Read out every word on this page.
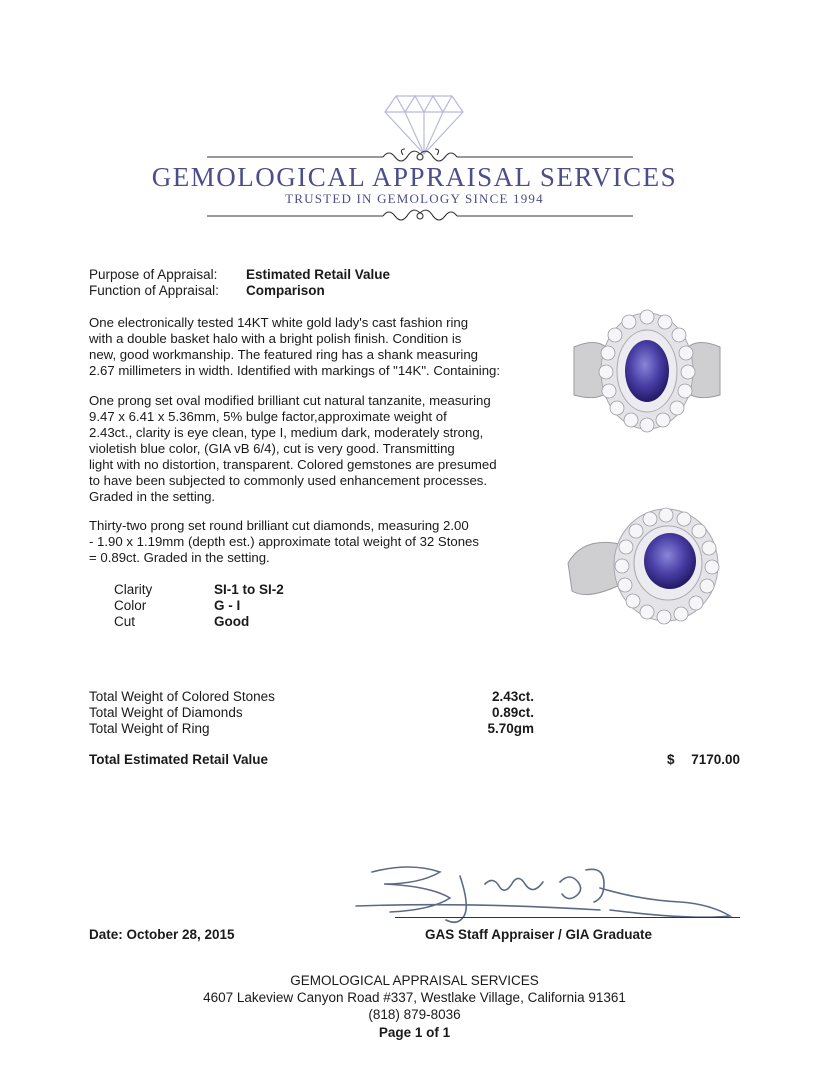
GEMOLOGICAL APPRAISAL SERVICES
TRUSTED IN GEMOLOGY SINCE 1994
Purpose of Appraisal: Estimated Retail Value
Function of Appraisal: Comparison
One electronically tested 14KT white gold lady's cast fashion ring
with a double basket halo with a bright polish finish. Condition is
new, good workmanship. The featured ring has a shank measuring
2.67 millimeters in width. Identified with markings of "14K". Containing:
One prong set oval modified brilliant cut natural tanzanite, measuring
9.47 x 6.41 x 5.36mm, 5% bulge factor,approximate weight of
2.43ct., clarity is eye clean, type I, medium dark, moderately strong,
violetish blue color, (GIA vB 6/4), cut is very good. Transmitting
light with no distortion, transparent. Colored gemstones are presumed
to have been subjected to commonly used enhancement processes.
Graded in the setting.
Thirty-two prong set round brilliant cut diamonds, measuring 2.00
- 1.90 x 1.19mm (depth est.) approximate total weight of 32 Stones
= 0.89ct. Graded in the setting.
Clarity	SI-1 to SI-2
Color	G - I
Cut	Good
Total Weight of Colored Stones	2.43ct.
Total Weight of Diamonds	0.89ct.
Total Weight of Ring	5.70gm
Total Estimated Retail Value	$	7170.00
Date: October 28, 2015	GAS Staff Appraiser / GIA Graduate
GEMOLOGICAL APPRAISAL SERVICES
4607 Lakeview Canyon Road #337, Westlake Village, California 91361
(818) 879-8036
Page 1 of 1
